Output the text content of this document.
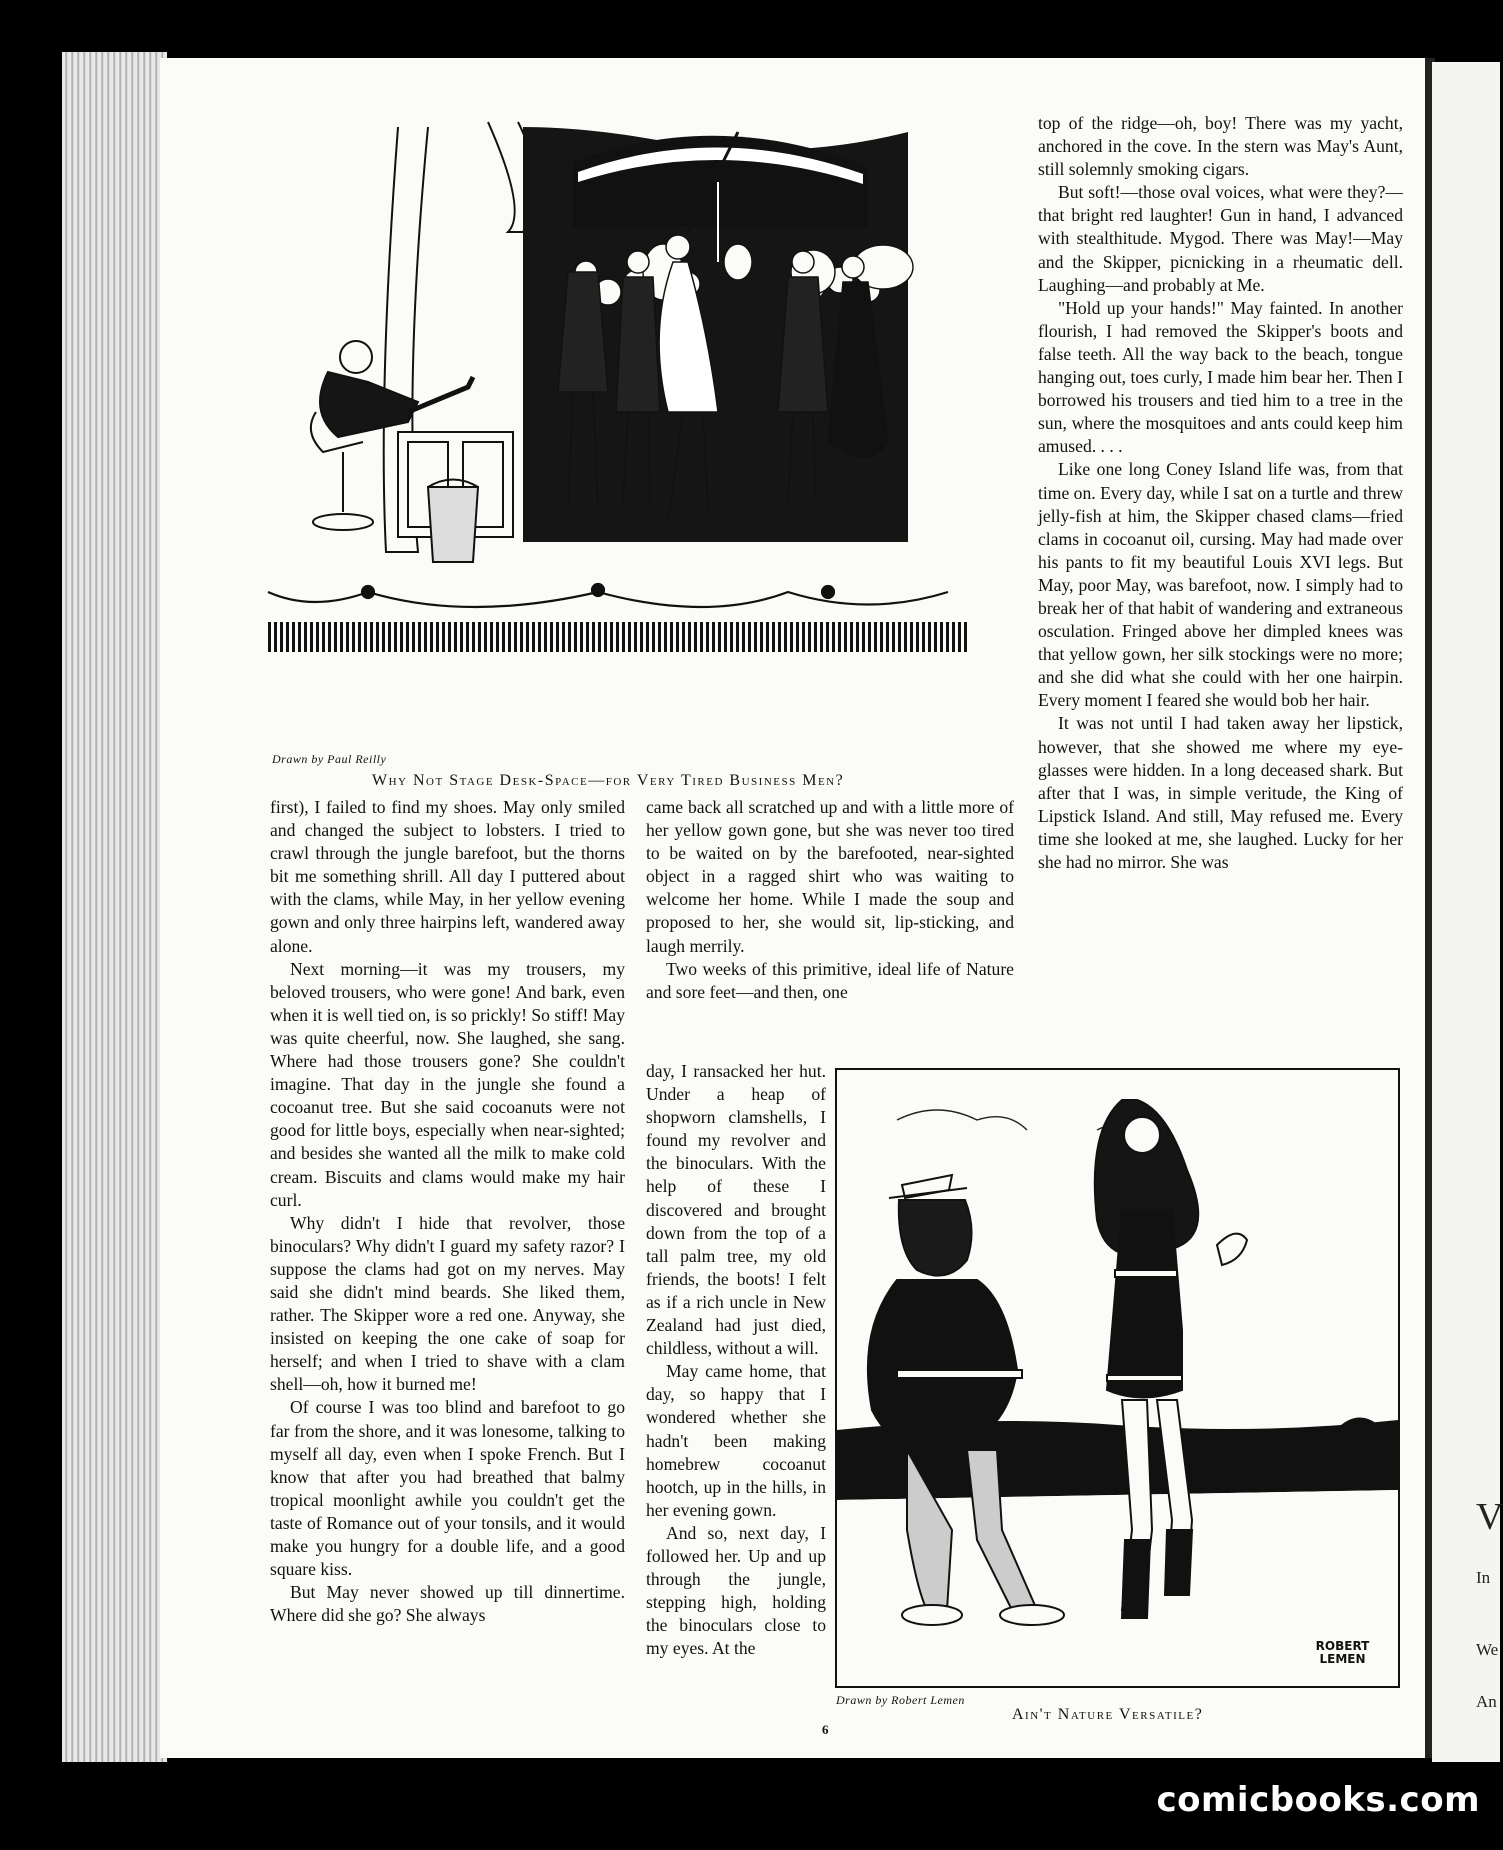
Drawn by Paul Reilly
Why Not Stage Desk-Space—for Very Tired Business Men?

top of the ridge—oh, boy! There was my yacht, anchored in the cove. In the stern was May's Aunt, still solemnly smoking cigars.

But soft!—those oval voices, what were they?—that bright red laughter! Gun in hand, I advanced with stealthitude. Mygod. There was May!—May and the Skipper, picnicking in a rheumatic dell. Laughing—and probably at Me.

"Hold up your hands!" May fainted. In another flourish, I had removed the Skipper's boots and false teeth. All the way back to the beach, tongue hanging out, toes curly, I made him bear her. Then I borrowed his trousers and tied him to a tree in the sun, where the mosquitoes and ants could keep him amused. . . .

Like one long Coney Island life was, from that time on. Every day, while I sat on a turtle and threw jelly-fish at him, the Skipper chased clams—fried clams in cocoanut oil, cursing. May had made over his pants to fit my beautiful Louis XVI legs. But May, poor May, was barefoot, now. I simply had to break her of that habit of wandering and extraneous osculation. Fringed above her dimpled knees was that yellow gown, her silk stockings were no more; and she did what she could with her one hairpin. Every moment I feared she would bob her hair.

It was not until I had taken away her lipstick, however, that she showed me where my eye-glasses were hidden. In a long deceased shark. But after that I was, in simple veritude, the King of Lipstick Island. And still, May refused me. Every time she looked at me, she laughed. Lucky for her she had no mirror. She was

first), I failed to find my shoes. May only smiled and changed the subject to lobsters. I tried to crawl through the jungle barefoot, but the thorns bit me something shrill. All day I puttered about with the clams, while May, in her yellow evening gown and only three hairpins left, wandered away alone.

Next morning—it was my trousers, my beloved trousers, who were gone! And bark, even when it is well tied on, is so prickly! So stiff! May was quite cheerful, now. She laughed, she sang. Where had those trousers gone? She couldn't imagine. That day in the jungle she found a cocoanut tree. But she said cocoanuts were not good for little boys, especially when near-sighted; and besides she wanted all the milk to make cold cream. Biscuits and clams would make my hair curl.

Why didn't I hide that revolver, those binoculars? Why didn't I guard my safety razor? I suppose the clams had got on my nerves. May said she didn't mind beards. She liked them, rather. The Skipper wore a red one. Anyway, she insisted on keeping the one cake of soap for herself; and when I tried to shave with a clam shell—oh, how it burned me!

Of course I was too blind and barefoot to go far from the shore, and it was lonesome, talking to myself all day, even when I spoke French. But I know that after you had breathed that balmy tropical moonlight awhile you couldn't get the taste of Romance out of your tonsils, and it would make you hungry for a double life, and a good square kiss.

But May never showed up till dinnertime. Where did she go? She always

came back all scratched up and with a little more of her yellow gown gone, but she was never too tired to be waited on by the barefooted, near-sighted object in a ragged shirt who was waiting to welcome her home. While I made the soup and proposed to her, she would sit, lip-sticking, and laugh merrily.

Two weeks of this primitive, ideal life of Nature and sore feet—and then, one

day, I ransacked her hut. Under a heap of shopworn clamshells, I found my revolver and the binoculars. With the help of these I discovered and brought down from the top of a tall palm tree, my old friends, the boots! I felt as if a rich uncle in New Zealand had just died, childless, without a will.

May came home, that day, so happy that I wondered whether she hadn't been making homebrew cocoanut hootch, up in the hills, in her evening gown.

And so, next day, I followed her. Up and up through the jungle, stepping high, holding the binoculars close to my eyes. At the	ROBERT LEMEN
Drawn by Robert Lemen
Ain't Nature Versatile?
6
V
In
We
An
comicbooks.com
